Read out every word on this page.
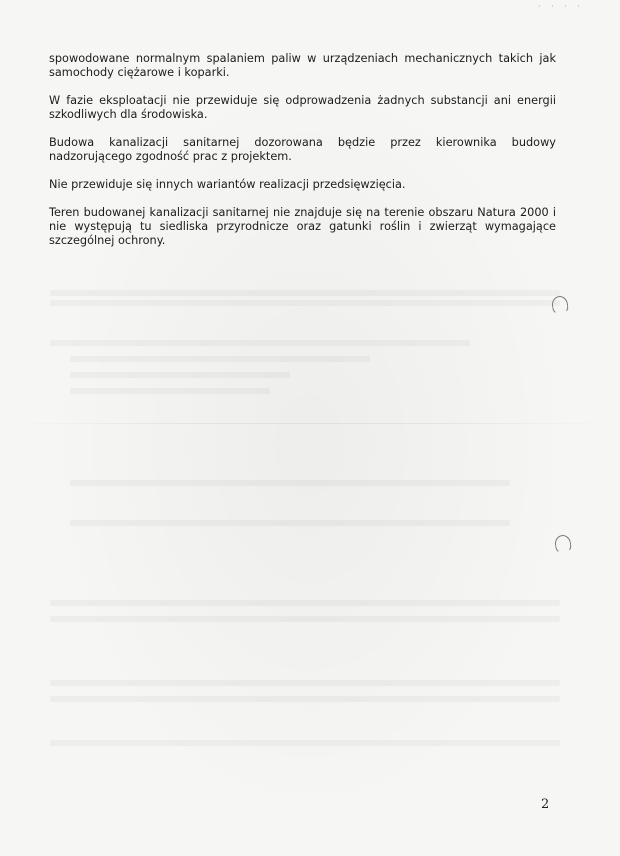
· · · ·

spowodowane normalnym spalaniem paliw w urządzeniach mechanicznych takich jak samochody ciężarowe i koparki.

W fazie eksploatacji nie przewiduje się odprowadzenia żadnych substancji ani energii szkodliwych dla środowiska.

Budowa kanalizacji sanitarnej dozorowana będzie przez kierownika budowy nadzorującego zgodność prac z projektem.

Nie przewiduje się innych wariantów realizacji przedsięwzięcia.

Teren budowanej kanalizacji sanitarnej nie znajduje się na terenie obszaru Natura 2000 i nie występują tu siedliska przyrodnicze oraz gatunki roślin i zwierząt wymagające szczególnej ochrony.

2
